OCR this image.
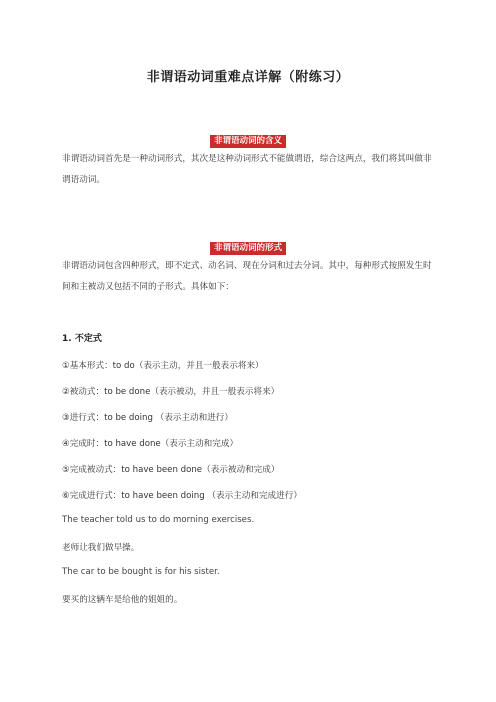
非谓语动词重难点详解（附练习）
非谓语动词的含义
非谓语动词首先是一种动词形式，其次是这种动词形式不能做谓语，综合这两点，我们将其叫做非谓语动词。
非谓语动词的形式
非谓语动词包含四种形式，即不定式、动名词、现在分词和过去分词。其中，每种形式按照发生时间和主被动又包括不同的子形式。具体如下：
1. 不定式
①基本形式：to do（表示主动，并且一般表示将来）
②被动式：to be done（表示被动，并且一般表示将来）
③进行式：to be doing （表示主动和进行）
④完成时：to have done（表示主动和完成）
⑤完成被动式：to have been done（表示被动和完成）
⑥完成进行式：to have been doing （表示主动和完成进行）
The teacher told us to do morning exercises.
老师让我们做早操。
The car to be bought is for his sister.
要买的这辆车是给他的姐姐的。
